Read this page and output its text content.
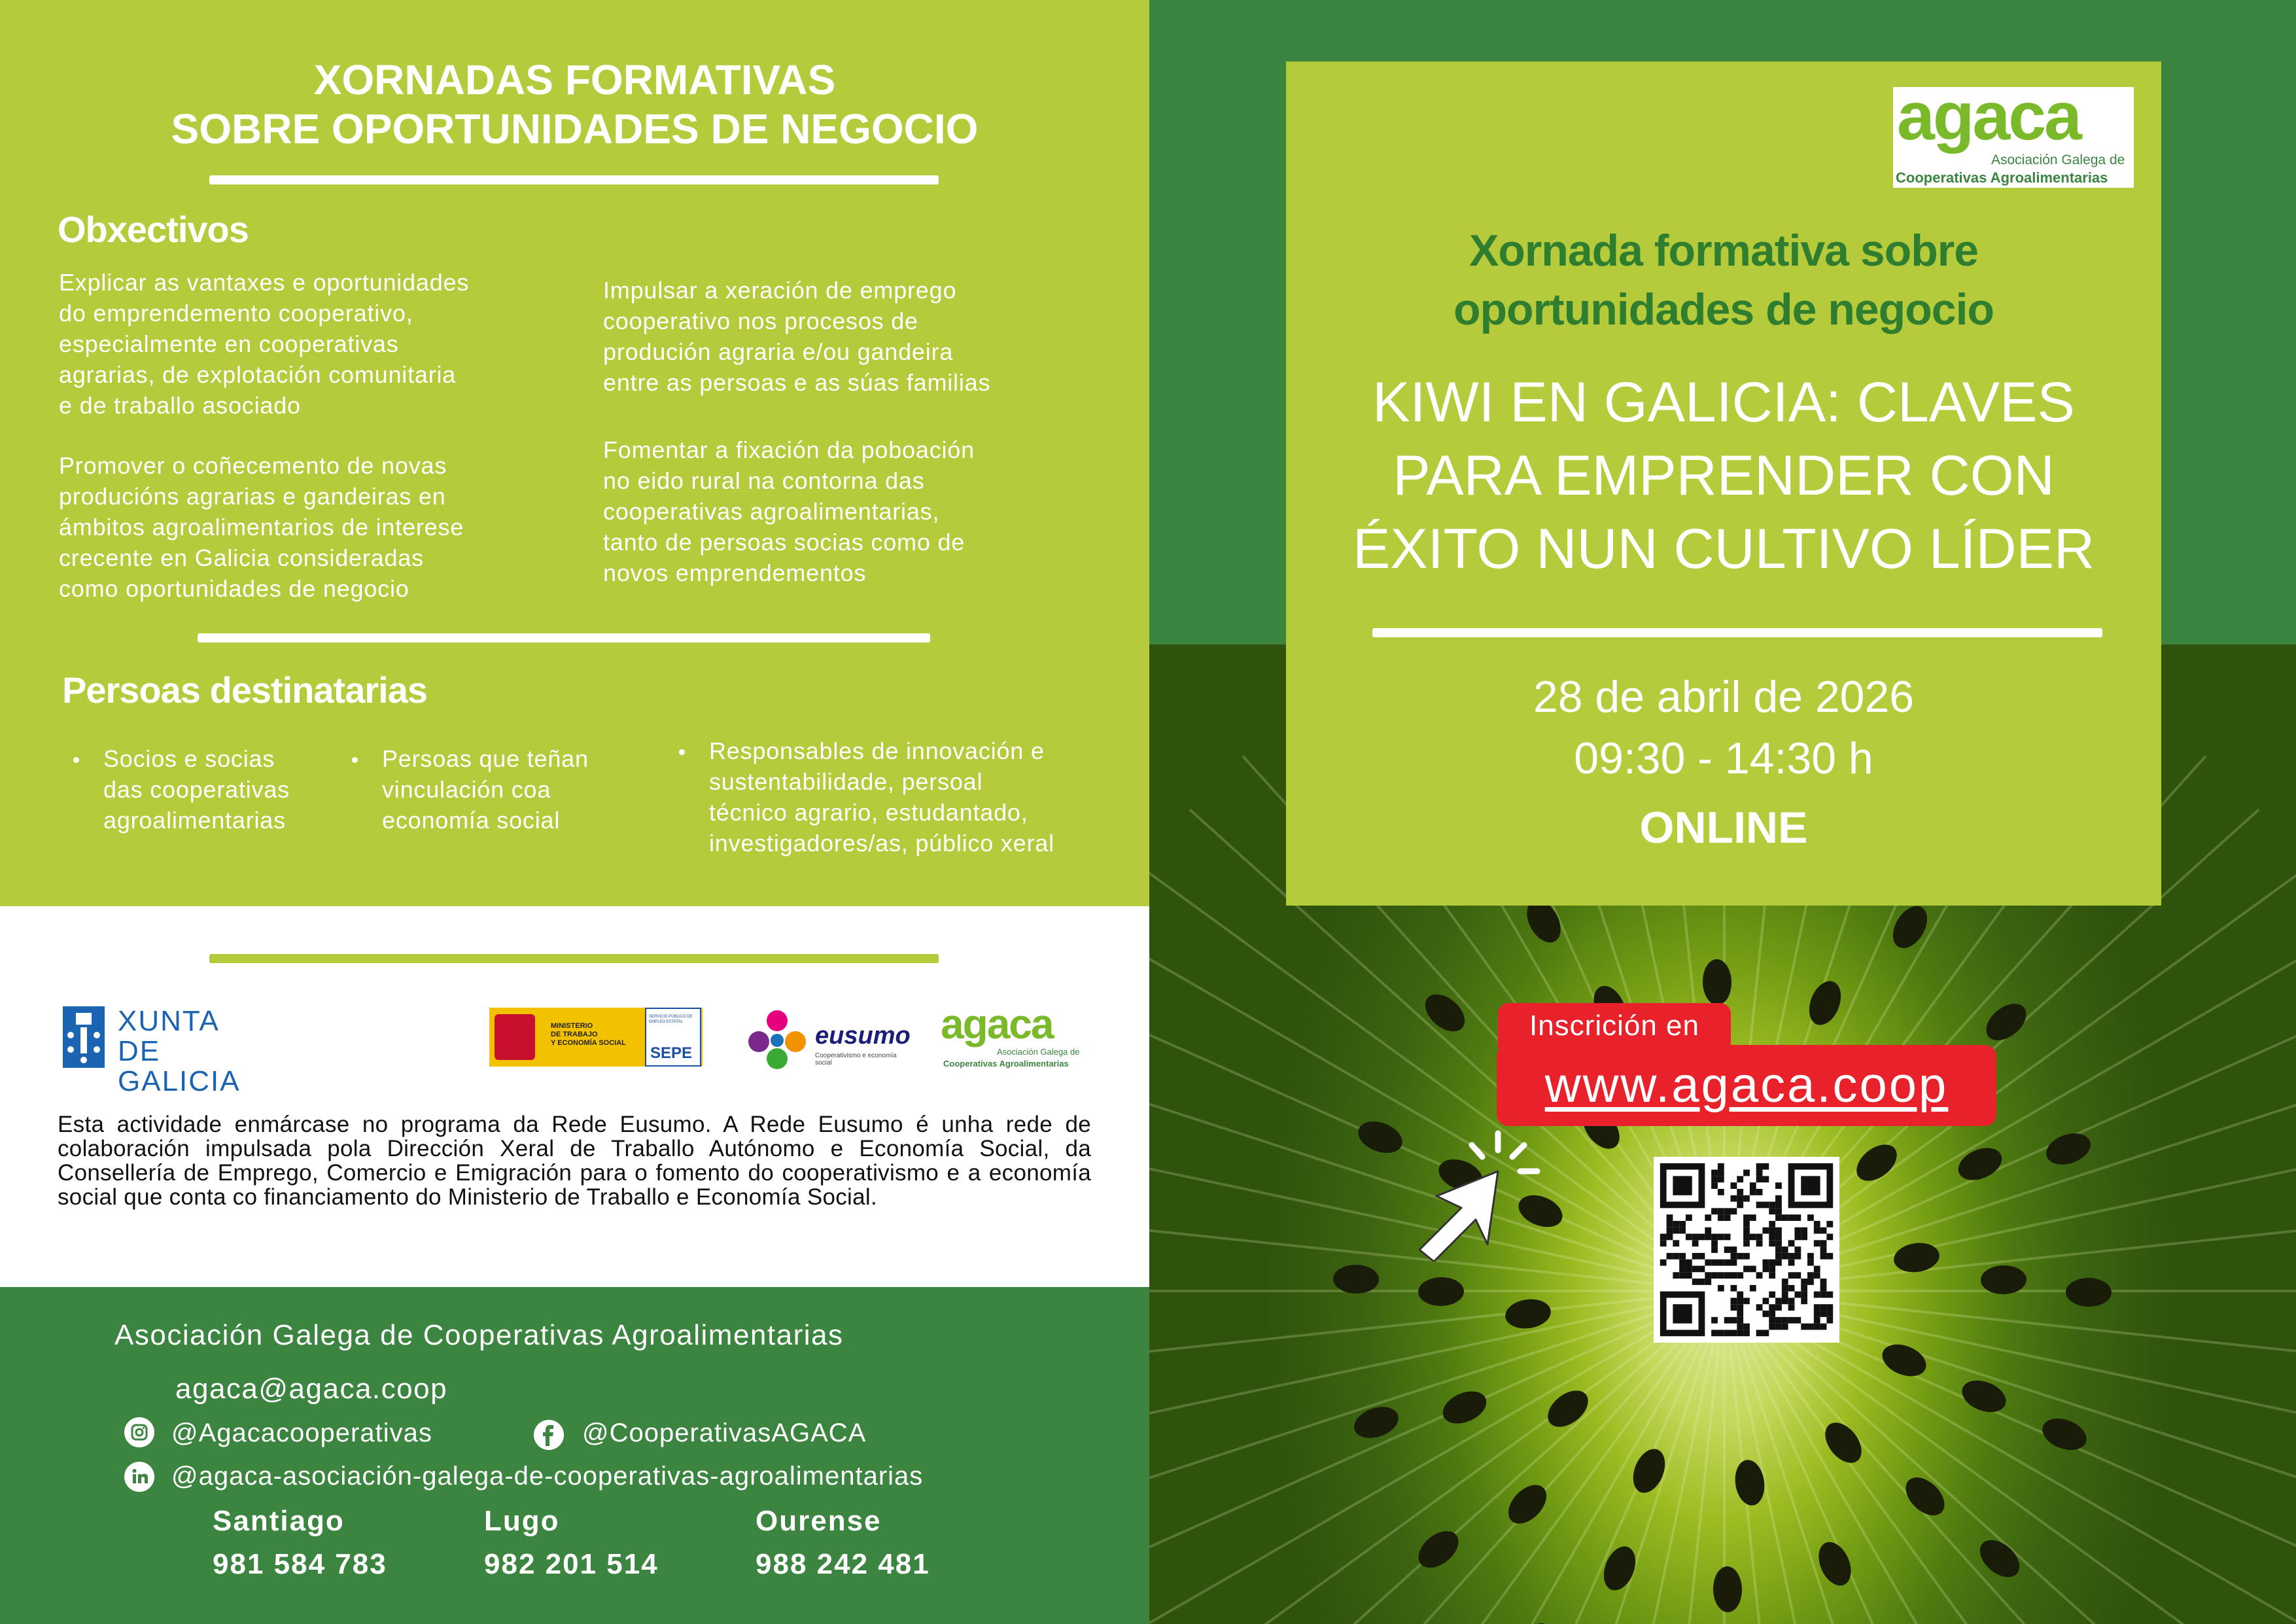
XORNADAS FORMATIVAS
SOBRE OPORTUNIDADES DE NEGOCIO
Obxectivos
Explicar as vantaxes e oportunidades
do emprendemento cooperativo,
especialmente en cooperativas
agrarias, de explotación comunitaria
e de traballo asociado
Promover o coñecemento de novas
producións agrarias e gandeiras en
ámbitos agroalimentarios de interese
crecente en Galicia consideradas
como oportunidades de negocio
Impulsar a xeración de emprego
cooperativo nos procesos de
produción agraria e/ou gandeira
entre as persoas e as súas familias
Fomentar a fixación da poboación
no eido rural na contorna das
cooperativas agroalimentarias,
tanto de persoas socias como de
novos emprendementos
Persoas destinatarias
Socios e socias
das cooperativas
agroalimentarias
Persoas que teñan
vinculación coa
economía social
Responsables de innovación e
sustentabilidade, persoal
técnico agrario, estudantado,
investigadores/as, público xeral
XUNTA
DE GALICIA
MINISTERIO
DE TRABAJO
Y ECONOMÍA SOCIAL
SERVICIO PÚBLICO DE EMPLEO ESTATAL
SEPE
eusumo
Cooperativismo e economía social
agaca
Asociación Galega de
Cooperativas Agroalimentarias
Esta actividade enmárcase no programa da Rede Eusumo. A Rede Eusumo é unha rede de colaboración impulsada pola Dirección Xeral de Traballo Autónomo e Economía Social, da Consellería de Emprego, Comercio e Emigración para o fomento do cooperativismo e a economía social que conta co financiamento do Ministerio de Traballo e Economía Social.
Asociación Galega de Cooperativas Agroalimentarias
agaca@agaca.coop
@Agacacooperativas	@CooperativasAGACA
@agaca-asociación-galega-de-cooperativas-agroalimentarias
Santiago
981 584 783
Lugo
982 201 514
Ourense
988 242 481
agaca
Asociación Galega de
Cooperativas Agroalimentarias
Xornada formativa sobre
oportunidades de negocio
KIWI EN GALICIA: CLAVES
PARA EMPRENDER CON
ÉXITO NUN CULTIVO LÍDER
28 de abril de 2026
09:30 - 14:30 h
ONLINE
Inscrición en
www.agaca.coop
